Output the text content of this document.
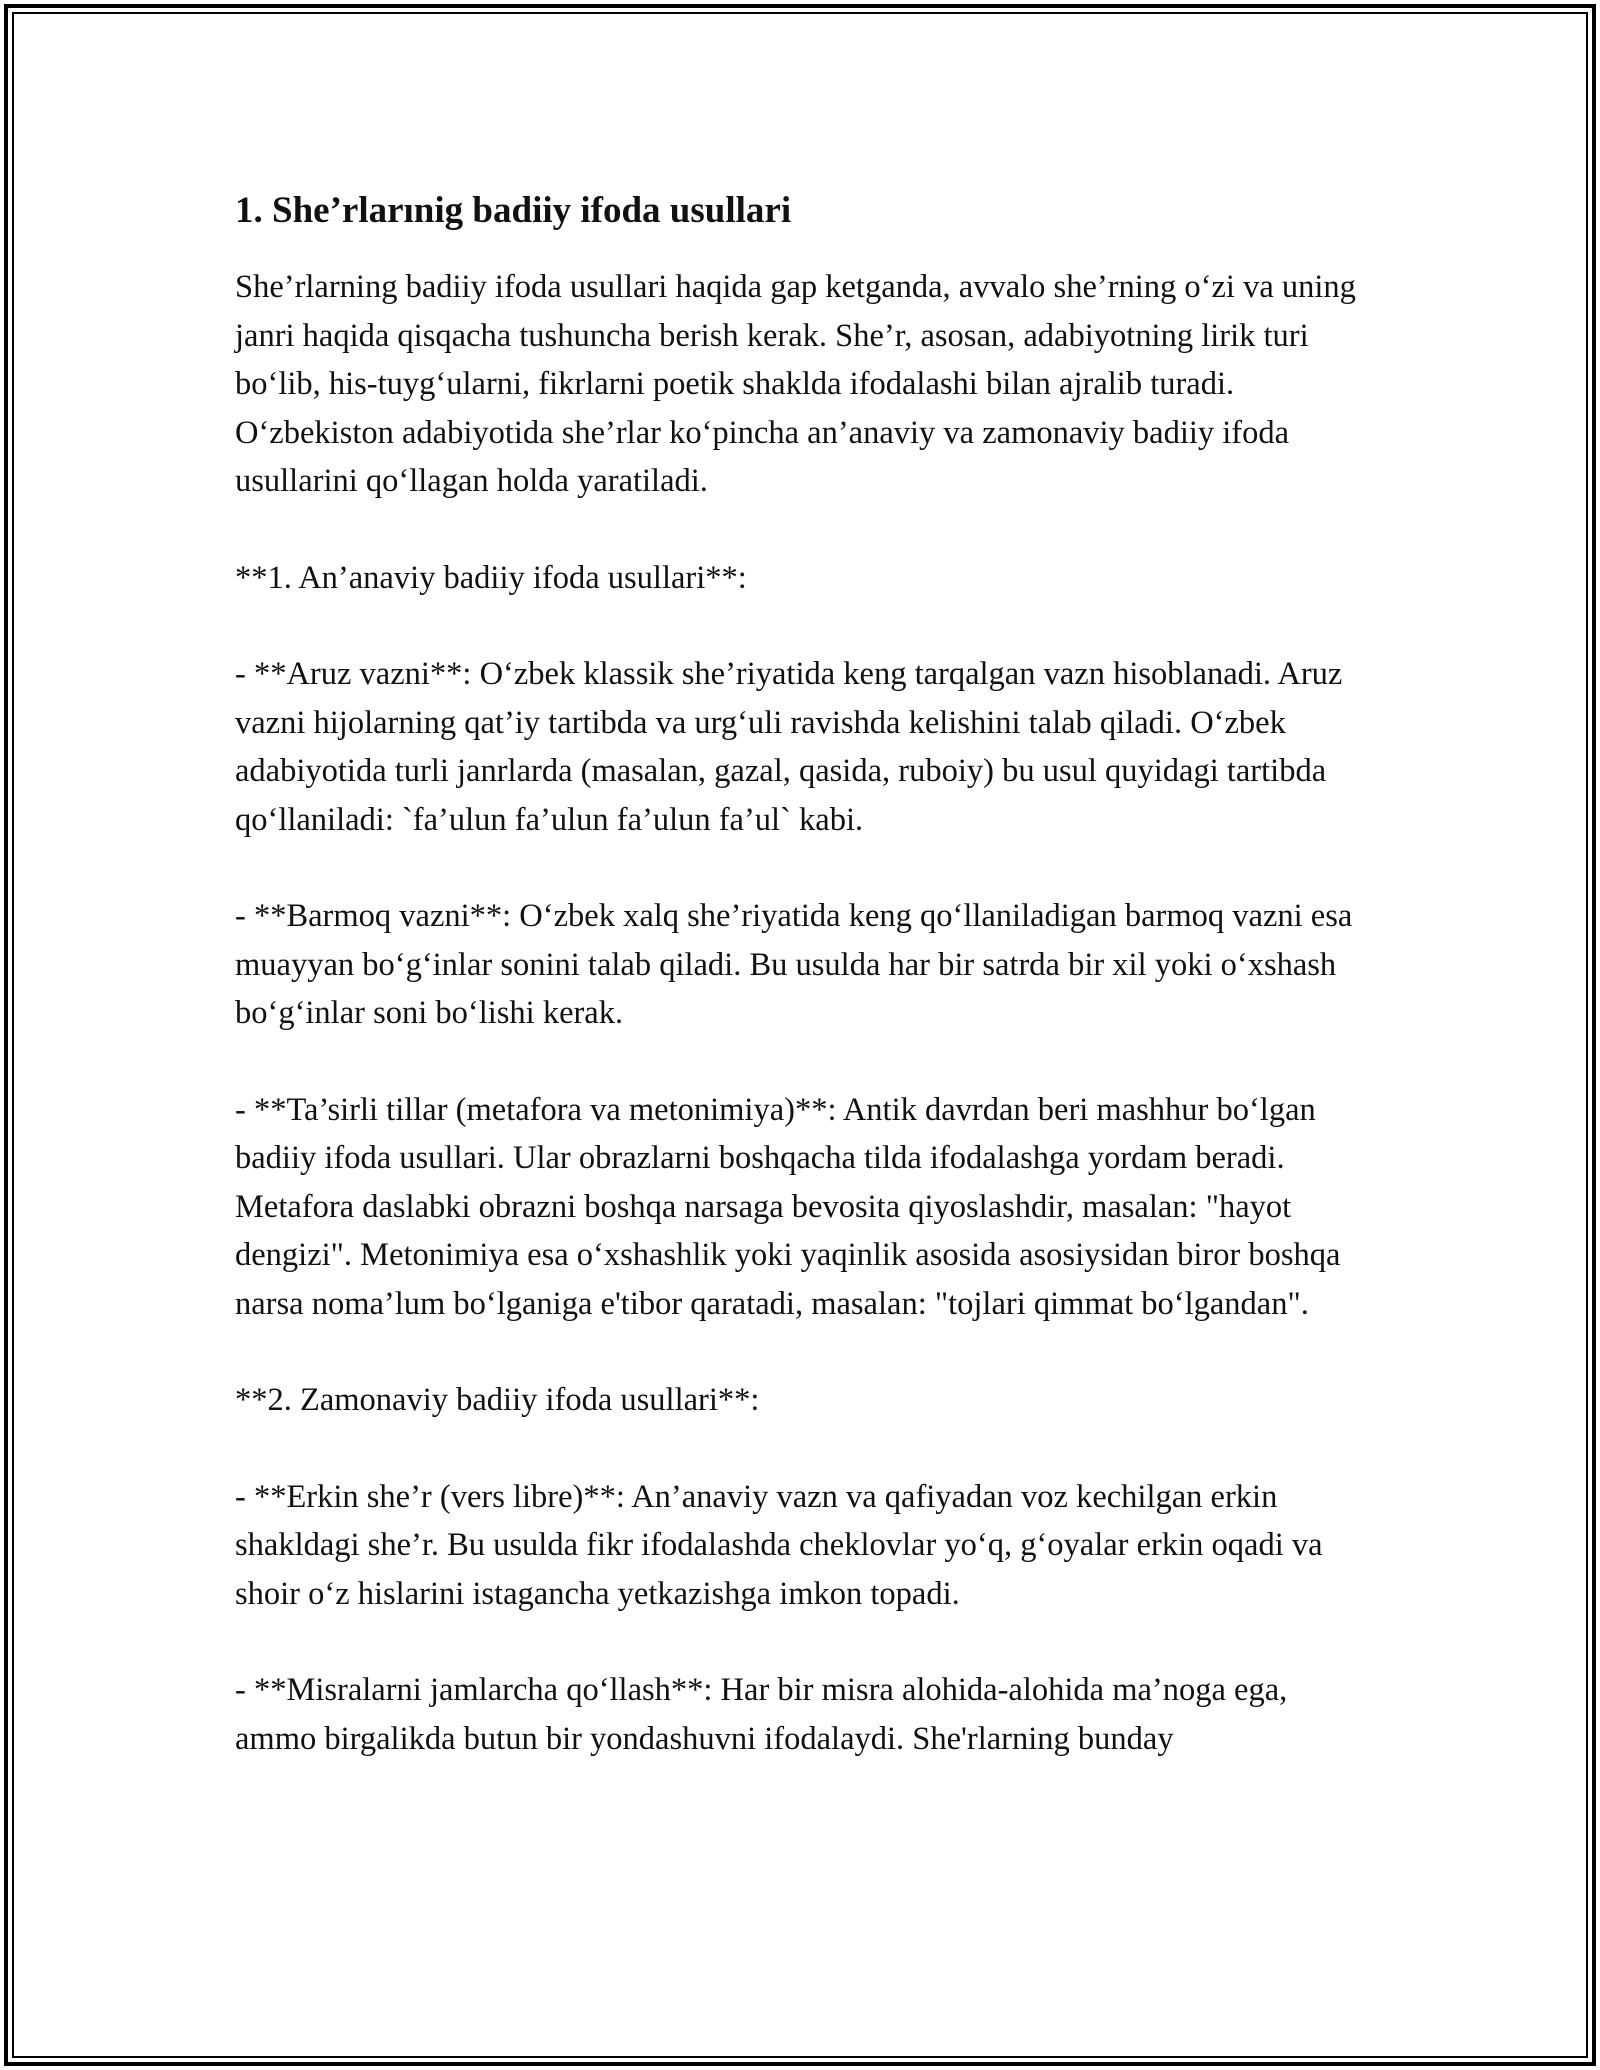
1. She’rlarınig badiiy ifoda usullari

She’rlarning badiiy ifoda usullari haqida gap ketganda, avvalo she’rning o‘zi va uning janri haqida qisqacha tushuncha berish kerak. She’r, asosan, adabiyotning lirik turi bo‘lib, his-tuyg‘ularni, fikrlarni poetik shaklda ifodalashi bilan ajralib turadi. O‘zbekiston adabiyotida she’rlar ko‘pincha an’anaviy va zamonaviy badiiy ifoda usullarini qo‘llagan holda yaratiladi.

**1. An’anaviy badiiy ifoda usullari**:

- **Aruz vazni**: O‘zbek klassik she’riyatida keng tarqalgan vazn hisoblanadi. Aruz vazni hijolarning qat’iy tartibda va urg‘uli ravishda kelishini talab qiladi. O‘zbek adabiyotida turli janrlarda (masalan, gazal, qasida, ruboiy) bu usul quyidagi tartibda qo‘llaniladi: `fa’ulun fa’ulun fa’ulun fa’ul` kabi.

- **Barmoq vazni**: O‘zbek xalq she’riyatida keng qo‘llaniladigan barmoq vazni esa muayyan bo‘g‘inlar sonini talab qiladi. Bu usulda har bir satrda bir xil yoki o‘xshash bo‘g‘inlar soni bo‘lishi kerak.

- **Ta’sirli tillar (metafora va metonimiya)**: Antik davrdan beri mashhur bo‘lgan badiiy ifoda usullari. Ular obrazlarni boshqacha tilda ifodalashga yordam beradi. Metafora daslabki obrazni boshqa narsaga bevosita qiyoslashdir, masalan: "hayot dengizi". Metonimiya esa o‘xshashlik yoki yaqinlik asosida asosiysidan biror boshqa narsa noma’lum bo‘lganiga e'tibor qaratadi, masalan: "tojlari qimmat bo‘lgandan".

**2. Zamonaviy badiiy ifoda usullari**:

- **Erkin she’r (vers libre)**: An’anaviy vazn va qafiyadan voz kechilgan erkin shakldagi she’r. Bu usulda fikr ifodalashda cheklovlar yo‘q, g‘oyalar erkin oqadi va shoir o‘z hislarini istagancha yetkazishga imkon topadi.

- **Misralarni jamlarcha qo‘llash**: Har bir misra alohida-alohida ma’noga ega, ammo birgalikda butun bir yondashuvni ifodalaydi. She'rlarning bunday
